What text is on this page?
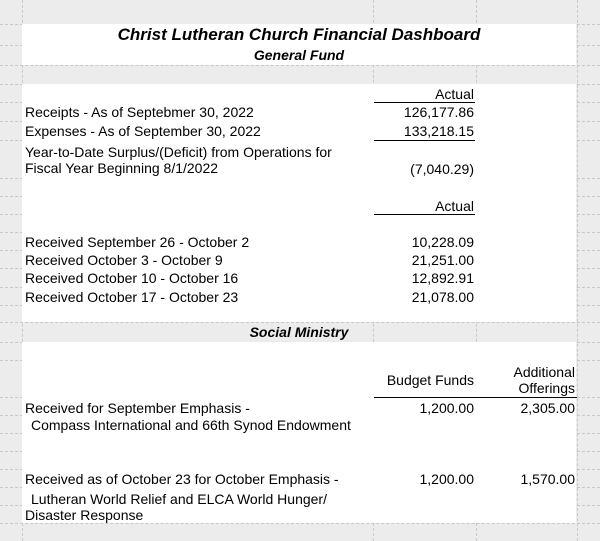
Christ Lutheran Church Financial Dashboard
General Fund
Actual
Receipts - As of Septebmer 30, 2022	126,177.86
Expenses - As of September 30, 2022	133,218.15
Year-to-Date Surplus/(Deficit) from Operations for
Fiscal Year Beginning 8/1/2022	(7,040.29)
Actual
Received September 26 - October 2	10,228.09
Received October 3 - October 9	21,251.00
Received October 10 - October 16	12,892.91
Received October 17 - October 23	21,078.00
Social Ministry
Budget Funds	Additional
Offerings
Received for September Emphasis -
Compass International and 66th Synod Endowment
1,200.00	2,305.00
Received as of October 23 for October Emphasis -
Lutheran World Relief and ELCA World Hunger/
Disaster Response
1,200.00	1,570.00
